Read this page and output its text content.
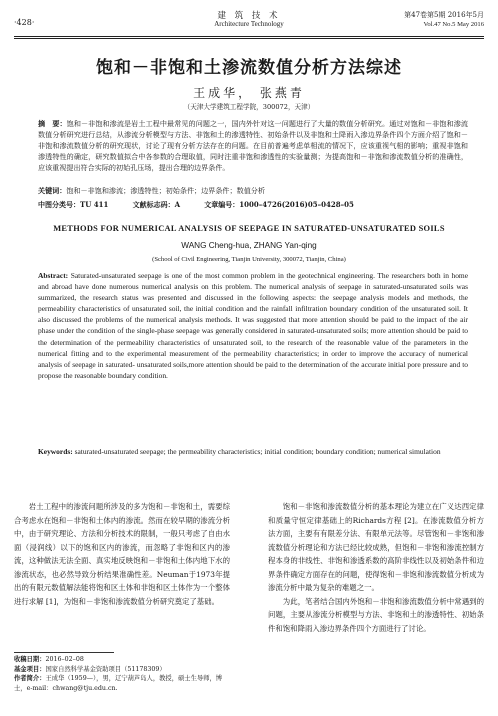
·428·
建 筑 技 术
Architecture Technology
第47卷第5期 2016年5月
Vol.47 No.5 May 2016
饱和－非饱和土渗流数值分析方法综述
王成华， 张燕青
（天津大学建筑工程学院，300072，天津）
摘　要：饱和－非饱和渗流是岩土工程中最常见的问题之一，国内外针对这一问题进行了大量的数值分析研究。通过对饱和－非饱和渗流数值分析研究进行总结，从渗流分析模型与方法、非饱和土的渗透特性、初始条件以及非饱和土降雨入渗边界条件四个方面介绍了饱和－非饱和渗流数值分析的研究现状，讨论了现有分析方法存在的问题。在目前普遍考虑单相流的情况下，应该重视气相的影响；重视非饱和渗透特性的确定，研究数值拟合中各参数的合理取值，同时注重非饱和渗透性的实验量测；为提高饱和－非饱和渗流数值分析的准确性，应该重视提出符合实际的初始孔压场，提出合理的边界条件。
关键词：饱和－非饱和渗流；渗透特性；初始条件；边界条件；数值分析
中图分类号：TU 411	文献标志码：A	文章编号：1000–4726(2016)05–0428–05
METHODS FOR NUMERICAL ANALYSIS OF SEEPAGE IN SATURATED-UNSATURATED SOILS
WANG Cheng-hua, ZHANG Yan-qing
(School of Civil Engineering, Tianjin University, 300072, Tianjin, China)
Abstract: Saturated-unsaturated seepage is one of the most common problem in the geotechnical engineering. The researchers both in home and abroad have done numerous numerical analysis on this problem. The numerical analysis of seepage in saturated-unsaturated soils was summarized, the research status was presented and discussed in the following aspects: the seepage analysis models and methods, the permeability characteristics of unsaturated soil, the initial condition and the rainfall infiltration boundary condition of the unsaturated soil. It also discussed the problems of the numerical analysis methods. It was suggested that more attention should be paid to the impact of the air phase under the condition of the single-phase seepage was generally considered in saturated-unsaturated soils; more attention should be paid to the determination of the permeability characteristics of unsaturated soil, to the research of the reasonable value of the parameters in the numerical fitting and to the experimental measurement of the permeability characteristics; in order to improve the accuracy of numerical analysis of seepage in saturated- unsaturated soils,more attention should be paid to the determination of the accurate initial pore pressure and to propose the reasonable boundary condition.
Keywords: saturated-unsaturated seepage; the permeability characteristics; initial condition; boundary condition; numerical simulation

岩土工程中的渗流问题所涉及的多为饱和－非饱和土，需要综合考虑水在饱和－非饱和土体内的渗流。然而在较早期的渗流分析中，由于研究理论、方法和分析技术的限制，一般只考虑了自由水面（浸润线）以下的饱和区内的渗流，而忽略了非饱和区内的渗流，这种做法无法全面、真实地反映饱和－非饱和土体内地下水的渗流状态，也必然导致分析结果准确性差。Neuman于1973年提出的有限元数值解法能将饱和区土体和非饱和区土体作为一个整体进行求解 [1]，为饱和－非饱和渗流数值分析研究奠定了基础。

饱和－非饱和渗流数值分析的基本理论为建立在广义达西定律和质量守恒定律基础上的Richards方程 [2]。在渗流数值分析方法方面，主要有有限差分法、有限单元法等。尽管饱和－非饱和渗流数值分析理论和方法已经比较成熟，但饱和－非饱和渗流控制方程本身的非线性、非饱和渗透系数的高阶非线性以及初始条件和边界条件确定方面存在的问题，使得饱和－非饱和渗流数值分析成为渗流分析中最为复杂的难题之一。

为此，笔者结合国内外饱和－非饱和渗流数值分析中常遇到的问题，主要从渗流分析模型与方法、非饱和土的渗透特性、初始条件和饱和降雨入渗边界条件四个方面进行了讨论。

收稿日期：2016–02–08
基金项目：国家自然科学基金资助项目（51178309）
作者简介：王成华（1959—），男，辽宁葫芦岛人，教授，硕士生导师，博士，e-mail：chwang@tju.edu.cn.
